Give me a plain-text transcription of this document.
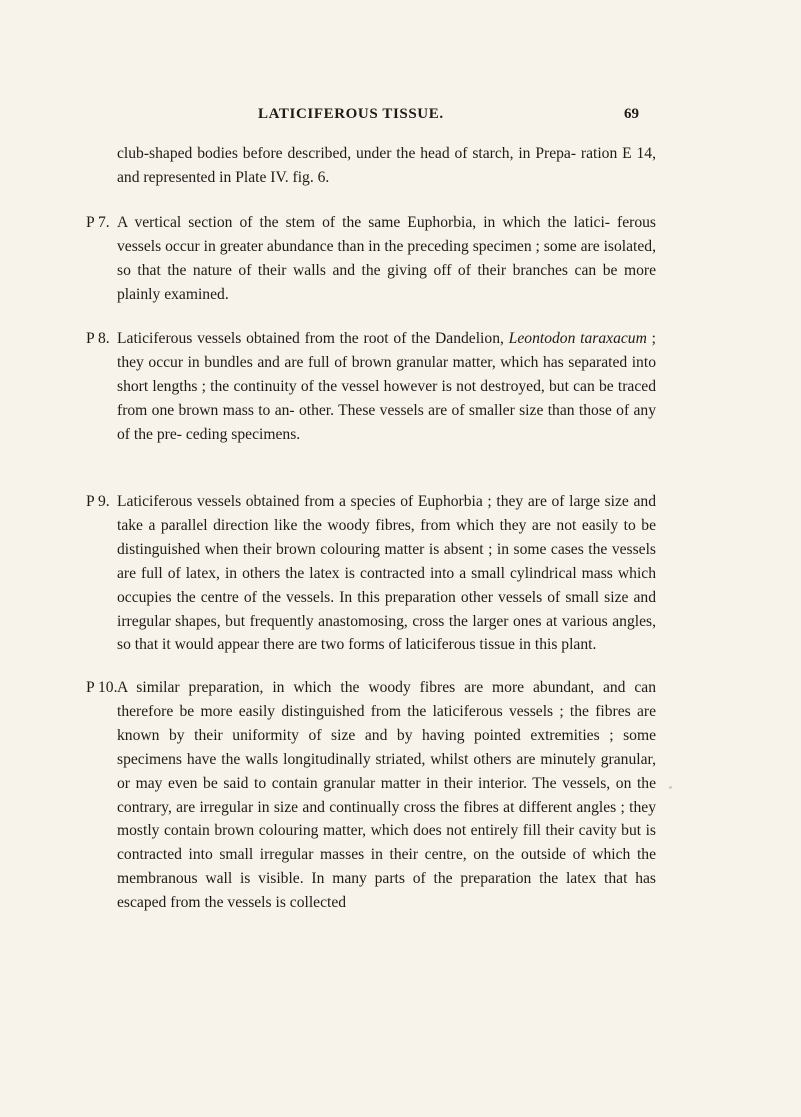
LATICIFEROUS TISSUE.	69
club-shaped bodies before described, under the head of starch, in Prepa- ration E 14, and represented in Plate IV. fig. 6.
P 7. A vertical section of the stem of the same Euphorbia, in which the latici- ferous vessels occur in greater abundance than in the preceding specimen ; some are isolated, so that the nature of their walls and the giving off of their branches can be more plainly examined.
P 8. Laticiferous vessels obtained from the root of the Dandelion, Leontodon taraxacum ; they occur in bundles and are full of brown granular matter, which has separated into short lengths ; the continuity of the vessel however is not destroyed, but can be traced from one brown mass to an- other. These vessels are of smaller size than those of any of the pre- ceding specimens.
P 9. Laticiferous vessels obtained from a species of Euphorbia ; they are of large size and take a parallel direction like the woody fibres, from which they are not easily to be distinguished when their brown colouring matter is absent ; in some cases the vessels are full of latex, in others the latex is contracted into a small cylindrical mass which occupies the centre of the vessels. In this preparation other vessels of small size and irregular shapes, but frequently anastomosing, cross the larger ones at various angles, so that it would appear there are two forms of laticiferous tissue in this plant.
P 10. A similar preparation, in which the woody fibres are more abundant, and can therefore be more easily distinguished from the laticiferous vessels ; the fibres are known by their uniformity of size and by having pointed extremities ; some specimens have the walls longitudinally striated, whilst others are minutely granular, or may even be said to contain granular matter in their interior. The vessels, on the contrary, are irregular in size and continually cross the fibres at different angles ; they mostly contain brown colouring matter, which does not entirely fill their cavity but is contracted into small irregular masses in their centre, on the outside of which the membranous wall is visible. In many parts of the preparation the latex that has escaped from the vessels is collected
